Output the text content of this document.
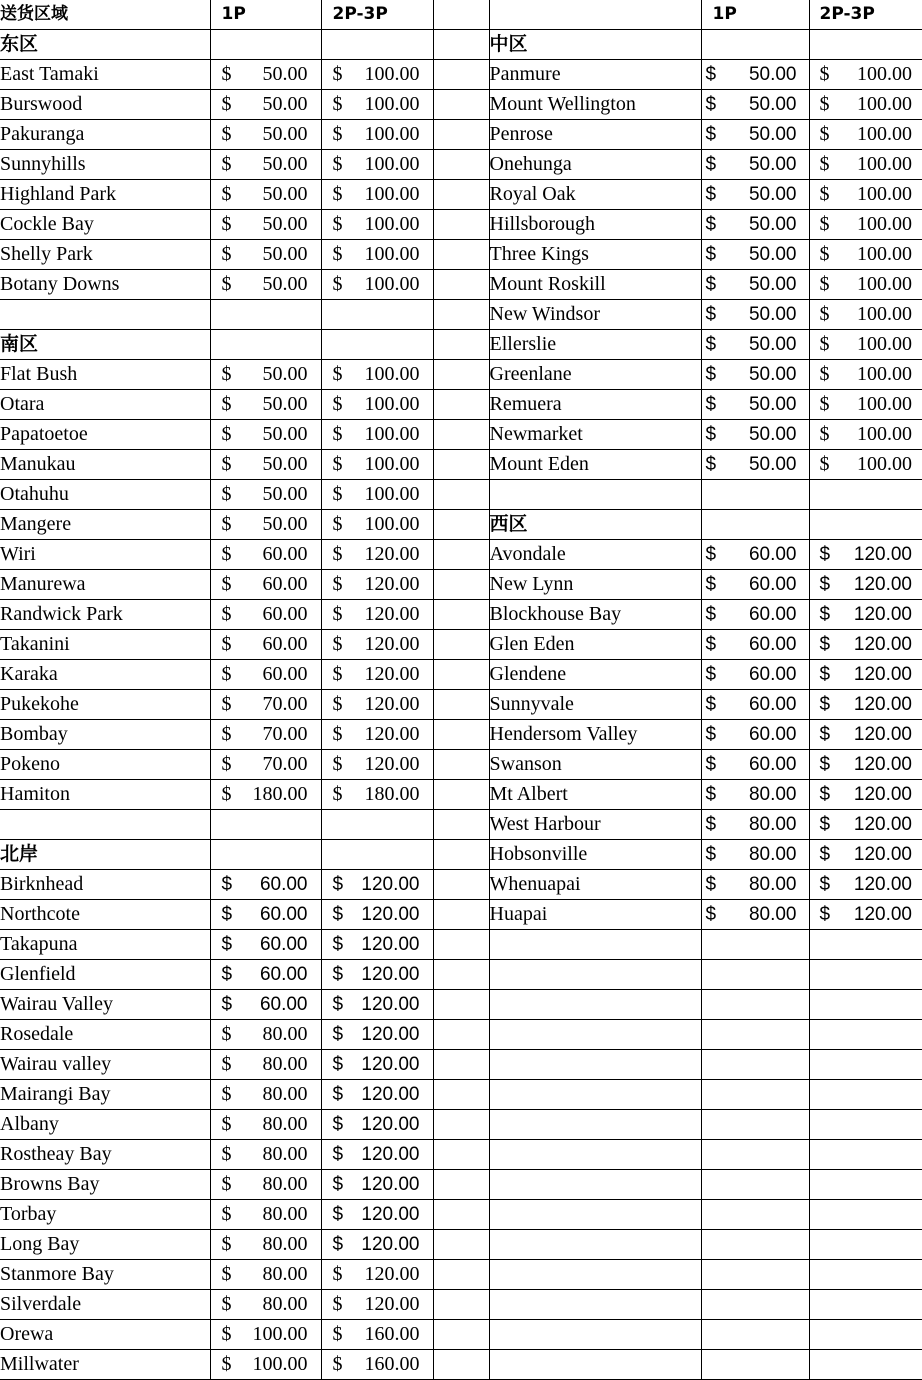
送货区域	1P	2P-3P			1P	2P-3P
东区				中区		
East Tamaki	$ 50.00	$ 100.00		Panmure	$ 50.00	$ 100.00

Burswood	$ 50.00	$ 100.00		Mount Wellington	$ 50.00	$ 100.00

Pakuranga	$ 50.00	$ 100.00		Penrose	$ 50.00	$ 100.00

Sunnyhills	$ 50.00	$ 100.00		Onehunga	$ 50.00	$ 100.00

Highland Park	$ 50.00	$ 100.00		Royal Oak	$ 50.00	$ 100.00

Cockle Bay	$ 50.00	$ 100.00		Hillsborough	$ 50.00	$ 100.00

Shelly Park	$ 50.00	$ 100.00		Three Kings	$ 50.00	$ 100.00

Botany Downs	$ 50.00	$ 100.00		Mount Roskill	$ 50.00	$ 100.00

				New Windsor	$ 50.00	$ 100.00

南区				Ellerslie	$ 50.00	$ 100.00

Flat Bush	$ 50.00	$ 100.00		Greenlane	$ 50.00	$ 100.00

Otara	$ 50.00	$ 100.00		Remuera	$ 50.00	$ 100.00

Papatoetoe	$ 50.00	$ 100.00		Newmarket	$ 50.00	$ 100.00

Manukau	$ 50.00	$ 100.00		Mount Eden	$ 50.00	$ 100.00

Otahuhu	$ 50.00	$ 100.00				

Mangere	$ 50.00	$ 100.00		西区		
Wiri	$ 60.00	$ 120.00		Avondale	$ 60.00	$ 120.00

Manurewa	$ 60.00	$ 120.00		New Lynn	$ 60.00	$ 120.00

Randwick Park	$ 60.00	$ 120.00		Blockhouse Bay	$ 60.00	$ 120.00

Takanini	$ 60.00	$ 120.00		Glen Eden	$ 60.00	$ 120.00

Karaka	$ 60.00	$ 120.00		Glendene	$ 60.00	$ 120.00

Pukekohe	$ 70.00	$ 120.00		Sunnyvale	$ 60.00	$ 120.00

Bombay	$ 70.00	$ 120.00		Hendersom Valley	$ 60.00	$ 120.00

Pokeno	$ 70.00	$ 120.00		Swanson	$ 60.00	$ 120.00

Hamiton	$ 180.00	$ 180.00		Mt Albert	$ 80.00	$ 120.00

				West Harbour	$ 80.00	$ 120.00

北岸				Hobsonville	$ 80.00	$ 120.00

Birknhead	$ 60.00	$ 120.00		Whenuapai	$ 80.00	$ 120.00

Northcote	$ 60.00	$ 120.00		Huapai	$ 80.00	$ 120.00

Takapuna	$ 60.00	$ 120.00				

Glenfield	$ 60.00	$ 120.00				

Wairau Valley	$ 60.00	$ 120.00				

Rosedale	$ 80.00	$ 120.00				

Wairau valley	$ 80.00	$ 120.00				

Mairangi Bay	$ 80.00	$ 120.00				

Albany	$ 80.00	$ 120.00				

Rostheay Bay	$ 80.00	$ 120.00				

Browns Bay	$ 80.00	$ 120.00				

Torbay	$ 80.00	$ 120.00				

Long Bay	$ 80.00	$ 120.00				

Stanmore Bay	$ 80.00	$ 120.00				

Silverdale	$ 80.00	$ 120.00				

Orewa	$ 100.00	$ 160.00				

Millwater	$ 100.00	$ 160.00				
